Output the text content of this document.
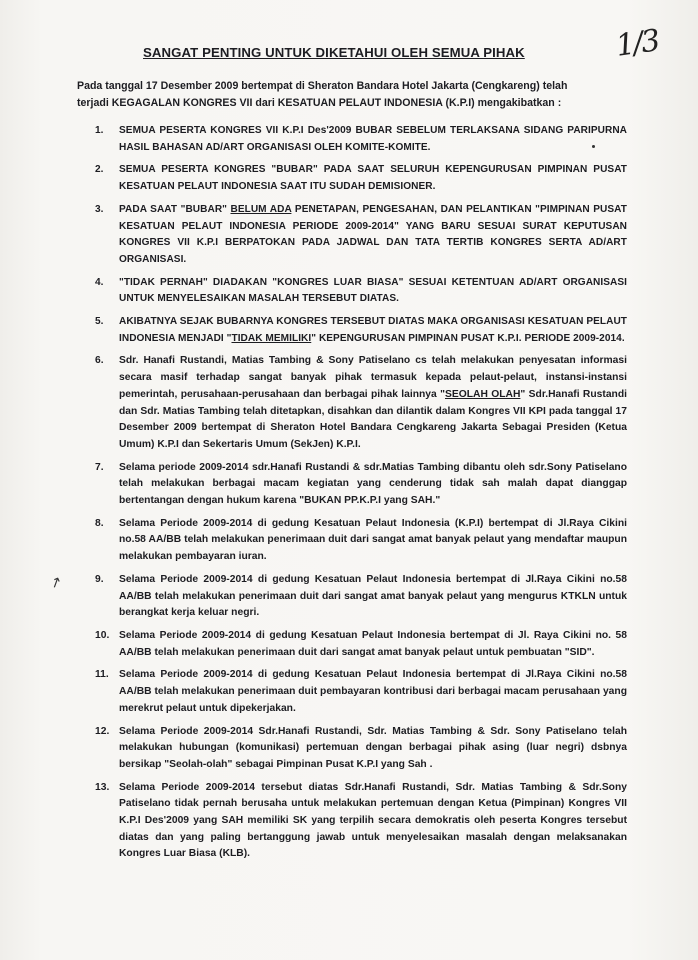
1/3
SANGAT PENTING UNTUK DIKETAHUI OLEH SEMUA PIHAK
Pada tanggal 17 Desember 2009 bertempat di Sheraton Bandara Hotel Jakarta (Cengkareng) telah terjadi KEGAGALAN KONGRES VII dari KESATUAN PELAUT INDONESIA (K.P.I) mengakibatkan :
1.	SEMUA PESERTA KONGRES VII K.P.I Des'2009 BUBAR SEBELUM TERLAKSANA SIDANG PARIPURNA HASIL BAHASAN AD/ART ORGANISASI OLEH KOMITE-KOMITE.
2.	SEMUA PESERTA KONGRES "BUBAR" PADA SAAT SELURUH KEPENGURUSAN PIMPINAN PUSAT KESATUAN PELAUT INDONESIA SAAT ITU SUDAH DEMISIONER.
3.	PADA SAAT "BUBAR" BELUM ADA PENETAPAN, PENGESAHAN, DAN PELANTIKAN "PIMPINAN PUSAT KESATUAN PELAUT INDONESIA PERIODE 2009-2014" YANG BARU SESUAI SURAT KEPUTUSAN KONGRES VII K.P.I BERPATOKAN PADA JADWAL DAN TATA TERTIB KONGRES SERTA AD/ART ORGANISASI.
4.	"TIDAK PERNAH" DIADAKAN "KONGRES LUAR BIASA" SESUAI KETENTUAN AD/ART ORGANISASI UNTUK MENYELESAIKAN MASALAH TERSEBUT DIATAS.
5.	AKIBATNYA SEJAK BUBARNYA KONGRES TERSEBUT DIATAS MAKA ORGANISASI KESATUAN PELAUT INDONESIA MENJADI "TIDAK MEMILIKI" KEPENGURUSAN PIMPINAN PUSAT K.P.I. PERIODE 2009-2014.
6.	Sdr. Hanafi Rustandi, Matias Tambing & Sony Patiselano cs telah melakukan penyesatan informasi secara masif terhadap sangat banyak pihak termasuk kepada pelaut-pelaut, instansi-instansi pemerintah, perusahaan-perusahaan dan berbagai pihak lainnya "SEOLAH OLAH" Sdr.Hanafi Rustandi dan Sdr. Matias Tambing telah ditetapkan, disahkan dan dilantik dalam Kongres VII KPI pada tanggal 17 Desember 2009 bertempat di Sheraton Hotel Bandara Cengkareng Jakarta Sebagai Presiden (Ketua Umum) K.P.I dan Sekertaris Umum (SekJen) K.P.I.
7.	Selama periode 2009-2014 sdr.Hanafi Rustandi & sdr.Matias Tambing dibantu oleh sdr.Sony Patiselano telah melakukan berbagai macam kegiatan yang cenderung tidak sah malah dapat dianggap bertentangan dengan hukum karena "BUKAN PP.K.P.I yang SAH."
8.	Selama Periode 2009-2014 di gedung Kesatuan Pelaut Indonesia (K.P.I) bertempat di Jl.Raya Cikini no.58 AA/BB telah melakukan penerimaan duit dari sangat amat banyak pelaut yang mendaftar maupun melakukan pembayaran iuran.
9.	Selama Periode 2009-2014 di gedung Kesatuan Pelaut Indonesia bertempat di Jl.Raya Cikini no.58 AA/BB telah melakukan penerimaan duit dari sangat amat banyak pelaut yang mengurus KTKLN untuk berangkat kerja keluar negri.
10. Selama Periode 2009-2014 di gedung Kesatuan Pelaut Indonesia bertempat di Jl. Raya Cikini no. 58 AA/BB telah melakukan penerimaan duit dari sangat amat banyak pelaut untuk pembuatan "SID".
11. Selama Periode 2009-2014 di gedung Kesatuan Pelaut Indonesia bertempat di Jl.Raya Cikini no.58 AA/BB telah melakukan penerimaan duit pembayaran kontribusi dari berbagai macam perusahaan yang merekrut pelaut untuk dipekerjakan.
12. Selama Periode 2009-2014 Sdr.Hanafi Rustandi, Sdr. Matias Tambing & Sdr. Sony Patiselano telah melakukan hubungan (komunikasi) pertemuan dengan berbagai pihak asing (luar negri) dsbnya bersikap "Seolah-olah" sebagai Pimpinan Pusat K.P.I yang Sah .
13. Selama Periode 2009-2014 tersebut diatas Sdr.Hanafi Rustandi, Sdr. Matias Tambing & Sdr.Sony Patiselano tidak pernah berusaha untuk melakukan pertemuan dengan Ketua (Pimpinan) Kongres VII K.P.I Des'2009 yang SAH memiliki SK yang terpilih secara demokratis oleh peserta Kongres tersebut diatas dan yang paling bertanggung jawab untuk menyelesaikan masalah dengan melaksanakan Kongres Luar Biasa (KLB).
↗
